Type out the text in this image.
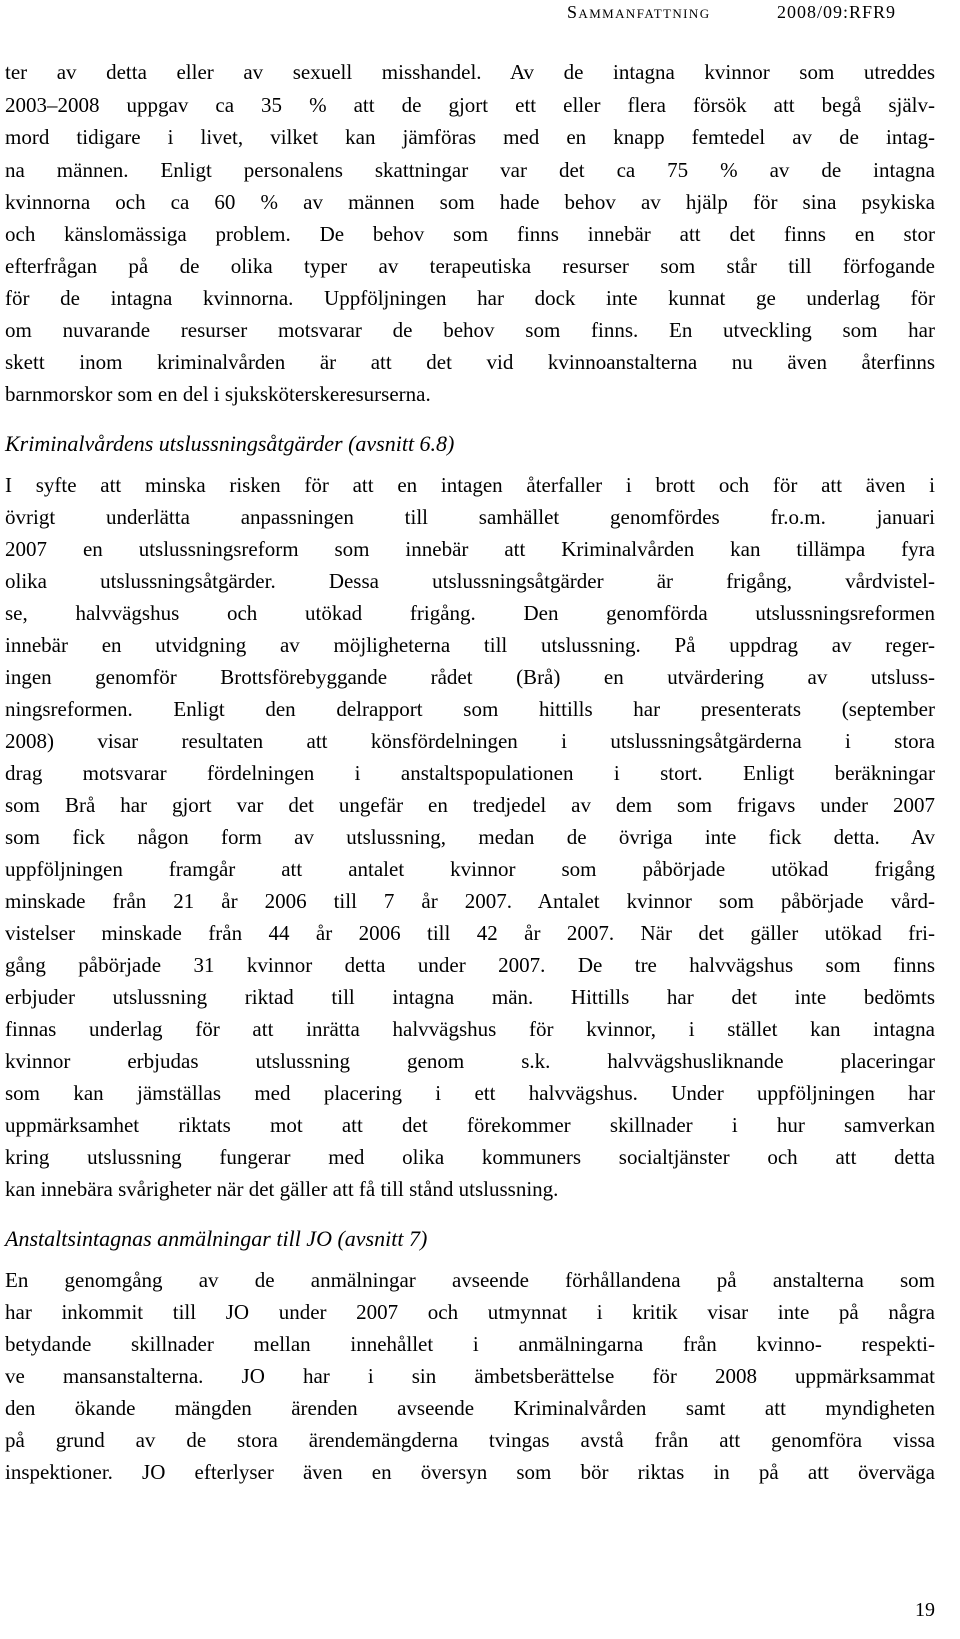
Sammanfattning	2008/09:RFR9
ter av detta eller av sexuell misshandel. Av de intagna kvinnor som utreddes
2003–2008 uppgav ca 35 % att de gjort ett eller flera försök att begå själv-
mord tidigare i livet, vilket kan jämföras med en knapp femtedel av de intag-
na männen. Enligt personalens skattningar var det ca 75 % av de intagna
kvinnorna och ca 60 % av männen som hade behov av hjälp för sina psykiska
och känslomässiga problem. De behov som finns innebär att det finns en stor
efterfrågan på de olika typer av terapeutiska resurser som står till förfogande
för de intagna kvinnorna. Uppföljningen har dock inte kunnat ge underlag för
om nuvarande resurser motsvarar de behov som finns. En utveckling som har
skett inom kriminalvården är att det vid kvinnoanstalterna nu även återfinns
barnmorskor som en del i sjuksköterskeresurserna.
Kriminalvårdens utslussningsåtgärder (avsnitt 6.8)
I syfte att minska risken för att en intagen återfaller i brott och för att även i
övrigt underlätta anpassningen till samhället genomfördes fr.o.m. januari
2007 en utslussningsreform som innebär att Kriminalvården kan tillämpa fyra
olika utslussningsåtgärder. Dessa utslussningsåtgärder är frigång, vårdvistel-
se, halvvägshus och utökad frigång. Den genomförda utslussningsreformen
innebär en utvidgning av möjligheterna till utslussning. På uppdrag av reger-
ingen genomför Brottsförebyggande rådet (Brå) en utvärdering av utsluss-
ningsreformen. Enligt den delrapport som hittills har presenterats (september
2008) visar resultaten att könsfördelningen i utslussningsåtgärderna i stora
drag motsvarar fördelningen i anstaltspopulationen i stort. Enligt beräkningar
som Brå har gjort var det ungefär en tredjedel av dem som frigavs under 2007
som fick någon form av utslussning, medan de övriga inte fick detta. Av
uppföljningen framgår att antalet kvinnor som påbörjade utökad frigång
minskade från 21 år 2006 till 7 år 2007. Antalet kvinnor som påbörjade vård-
vistelser minskade från 44 år 2006 till 42 år 2007. När det gäller utökad fri-
gång påbörjade 31 kvinnor detta under 2007. De tre halvvägshus som finns
erbjuder utslussning riktad till intagna män. Hittills har det inte bedömts
finnas underlag för att inrätta halvvägshus för kvinnor, i stället kan intagna
kvinnor erbjudas utslussning genom s.k. halvvägshusliknande placeringar
som kan jämställas med placering i ett halvvägshus. Under uppföljningen har
uppmärksamhet riktats mot att det förekommer skillnader i hur samverkan
kring utslussning fungerar med olika kommuners socialtjänster och att detta
kan innebära svårigheter när det gäller att få till stånd utslussning.
Anstaltsintagnas anmälningar till JO (avsnitt 7)
En genomgång av de anmälningar avseende förhållandena på anstalterna som
har inkommit till JO under 2007 och utmynnat i kritik visar inte på några
betydande skillnader mellan innehållet i anmälningarna från kvinno- respekti-
ve mansanstalterna. JO har i sin ämbetsberättelse för 2008 uppmärksammat
den ökande mängden ärenden avseende Kriminalvården samt att myndigheten
på grund av de stora ärendemängderna tvingas avstå från att genomföra vissa
inspektioner. JO efterlyser även en översyn som bör riktas in på att överväga
19
